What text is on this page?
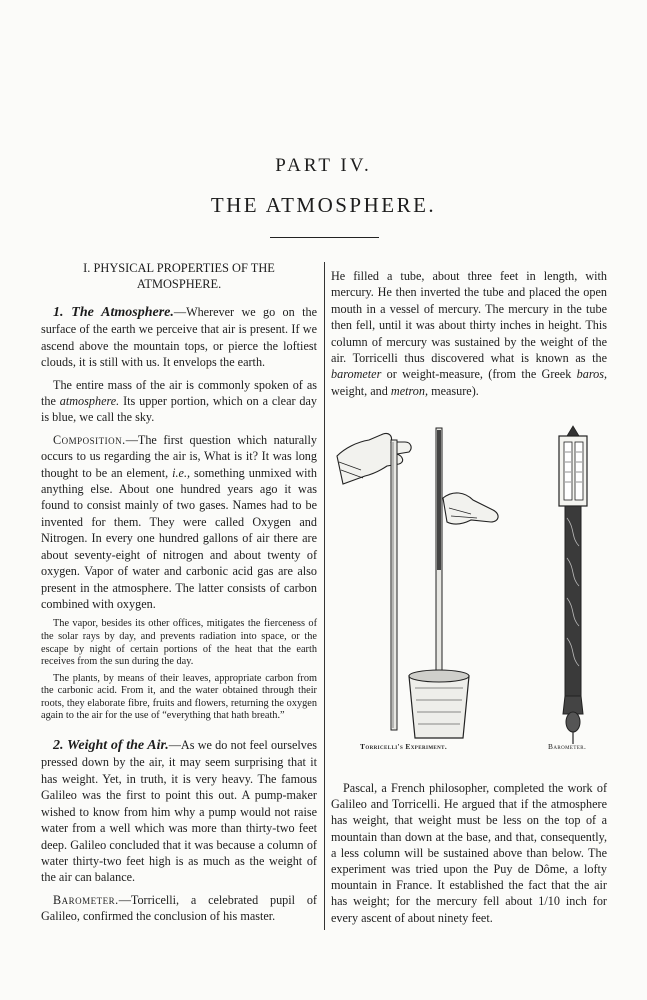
PART IV.
THE ATMOSPHERE.

I. PHYSICAL PROPERTIES OF THE ATMOSPHERE.

1. The Atmosphere.—Wherever we go on the surface of the earth we perceive that air is present. If we ascend above the mountain tops, or pierce the loftiest clouds, it is still with us. It envelops the earth.

The entire mass of the air is commonly spoken of as the atmosphere. Its upper portion, which on a clear day is blue, we call the sky.

Composition.—The first question which naturally occurs to us regarding the air is, What is it? It was long thought to be an element, i.e., something unmixed with anything else. About one hundred years ago it was found to consist mainly of two gases. Names had to be invented for them. They were called Oxygen and Nitrogen. In every one hundred gallons of air there are about seventy-eight of nitrogen and about twenty of oxygen. Vapor of water and carbonic acid gas are also present in the atmosphere. The latter consists of carbon combined with oxygen.

The vapor, besides its other offices, mitigates the fierceness of the solar rays by day, and prevents radiation into space, or the escape by night of certain portions of the heat that the earth receives from the sun during the day.

The plants, by means of their leaves, appropriate carbon from the carbonic acid. From it, and the water obtained through their roots, they elaborate fibre, fruits and flowers, returning the oxygen again to the air for the use of “everything that hath breath.”

2. Weight of the Air.—As we do not feel ourselves pressed down by the air, it may seem surprising that it has weight. Yet, in truth, it is very heavy. The famous Galileo was the first to point this out. A pump-maker wished to know from him why a pump would not raise water from a well which was more than thirty-two feet deep. Galileo concluded that it was because a column of water thirty-two feet high is as much as the weight of the air can balance.

Barometer.—Torricelli, a celebrated pupil of Galileo, confirmed the conclusion of his master.

He filled a tube, about three feet in length, with mercury. He then inverted the tube and placed the open mouth in a vessel of mercury. The mercury in the tube then fell, until it was about thirty inches in height. This column of mercury was sustained by the weight of the air. Torricelli thus discovered what is known as the barometer or weight-measure, (from the Greek baros, weight, and metron, measure).

Torricelli's Experiment.	Barometer.

Pascal, a French philosopher, completed the work of Galileo and Torricelli. He argued that if the atmosphere has weight, that weight must be less on the top of a mountain than down at the base, and that, consequently, a less column will be sustained above than below. The experiment was tried upon the Puy de Dôme, a lofty mountain in France. It established the fact that the air has weight; for the mercury fell about 1/10 inch for every ascent of about ninety feet.
